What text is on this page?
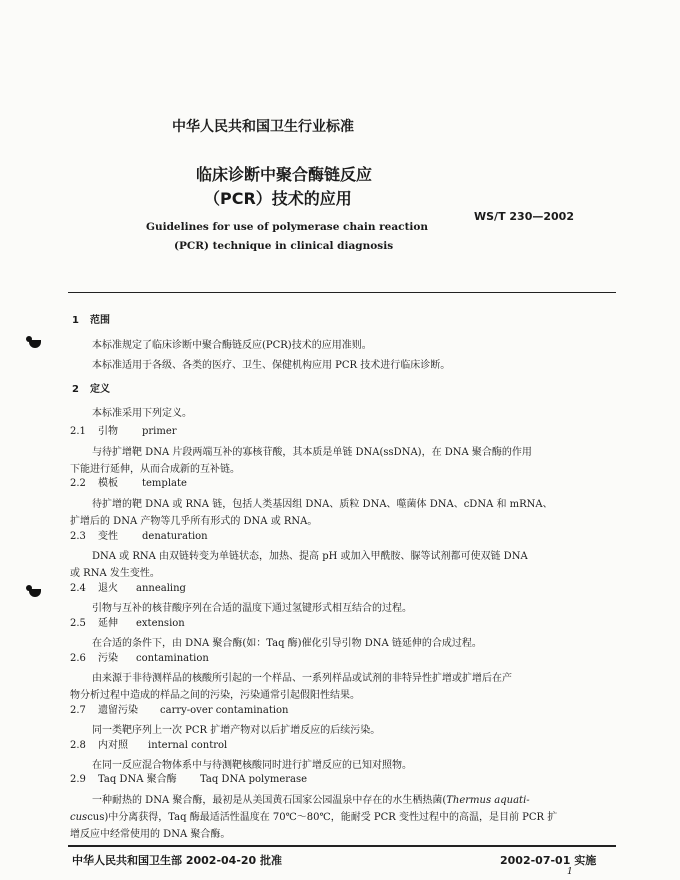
中华人民共和国卫生行业标准
临床诊断中聚合酶链反应
（PCR）技术的应用
WS/T 230—2002
Guidelines for use of polymerase chain reaction
(PCR) technique in clinical diagnosis
1 范围
本标准规定了临床诊断中聚合酶链反应(PCR)技术的应用准则。
本标准适用于各级、各类的医疗、卫生、保健机构应用 PCR 技术进行临床诊断。
2 定义
本标准采用下列定义。
2.1 引物 primer
与待扩增靶 DNA 片段两端互补的寡核苷酸，其本质是单链 DNA(ssDNA)，在 DNA 聚合酶的作用
下能进行延伸，从而合成新的互补链。
2.2 模板 template
待扩增的靶 DNA 或 RNA 链，包括人类基因组 DNA、质粒 DNA、噬菌体 DNA、cDNA 和 mRNA、
扩增后的 DNA 产物等几乎所有形式的 DNA 或 RNA。
2.3 变性 denaturation
DNA 或 RNA 由双链转变为单链状态，加热、提高 pH 或加入甲酰胺、脲等试剂都可使双链 DNA
或 RNA 发生变性。
2.4 退火 annealing
引物与互补的核苷酸序列在合适的温度下通过氢键形式相互结合的过程。
2.5 延伸 extension
在合适的条件下，由 DNA 聚合酶(如：Taq 酶)催化引导引物 DNA 链延伸的合成过程。
2.6 污染 contamination
由来源于非待测样品的核酸所引起的一个样品、一系列样品或试剂的非特异性扩增或扩增后在产
物分析过程中造成的样品之间的污染，污染通常引起假阳性结果。
2.7 遗留污染 carry-over contamination
同一类靶序列上一次 PCR 扩增产物对以后扩增反应的后续污染。
2.8 内对照 internal control
在同一反应混合物体系中与待测靶核酸同时进行扩增反应的已知对照物。
2.9 Taq DNA 聚合酶 Taq DNA polymerase
一种耐热的 DNA 聚合酶，最初是从美国黄石国家公园温泉中存在的水生栖热菌(Thermus aquati-
cuscus)中分离获得，Taq 酶最适活性温度在 70℃～80℃，能耐受 PCR 变性过程中的高温，是目前 PCR 扩
增反应中经常使用的 DNA 聚合酶。
中华人民共和国卫生部 2002-04-20 批准	2002-07-01 实施
1
